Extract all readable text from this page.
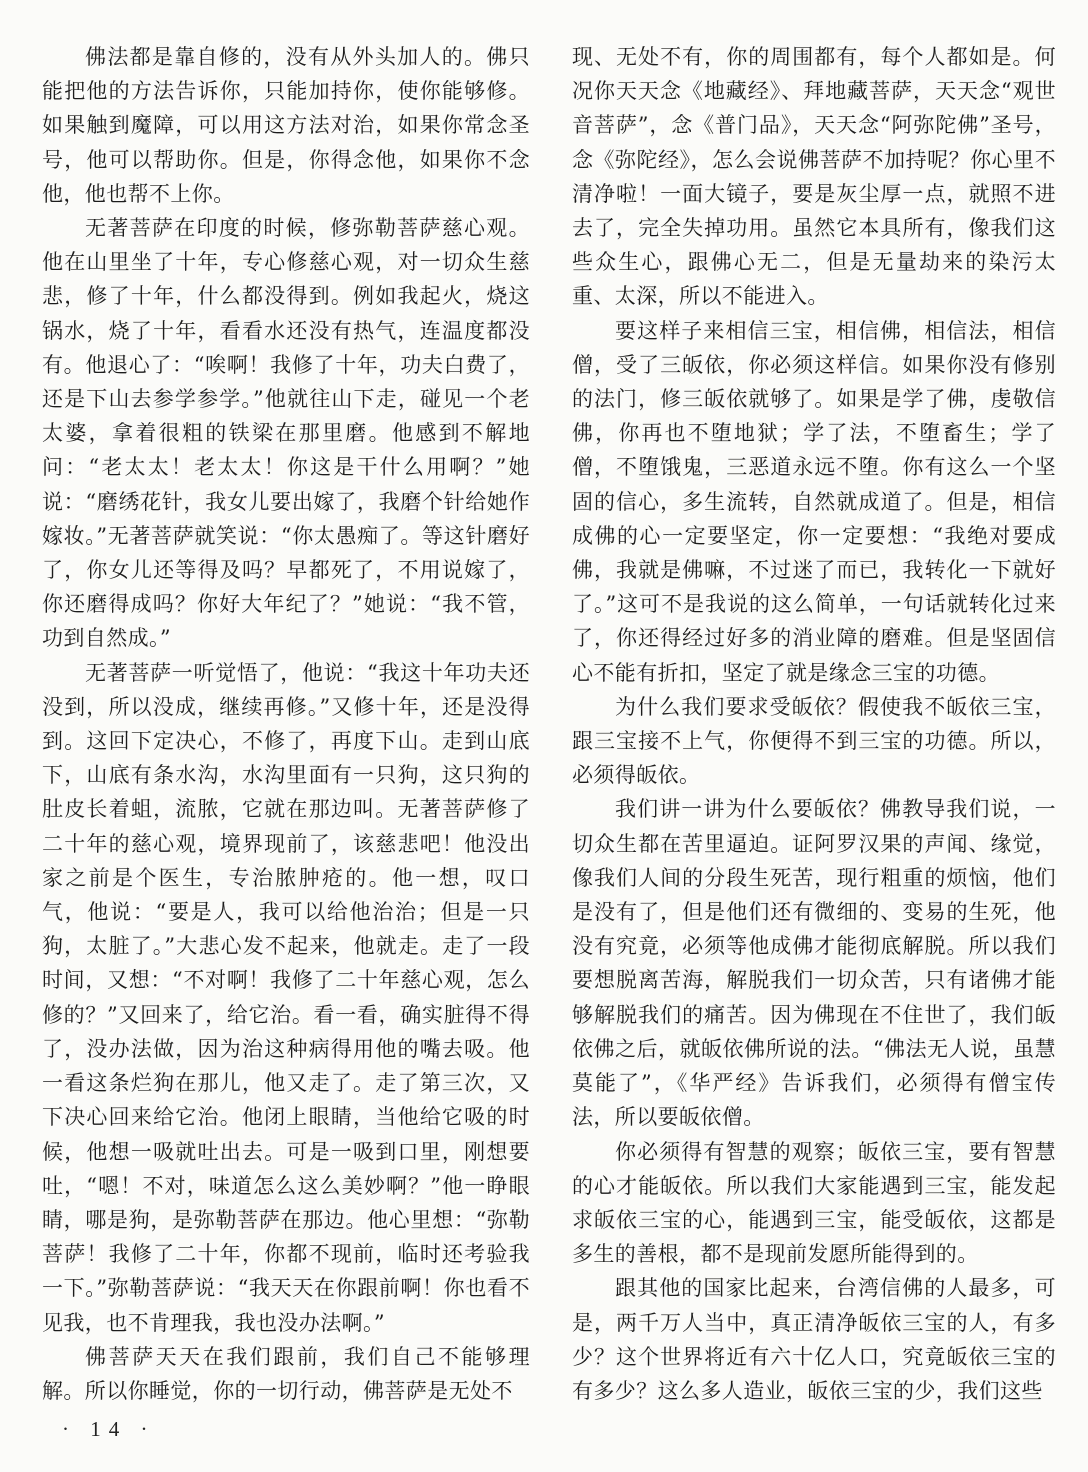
佛法都是靠自修的，没有从外头加人的。佛只能把他的方法告诉你，只能加持你，使你能够修。如果触到魔障，可以用这方法对治，如果你常念圣号，他可以帮助你。但是，你得念他，如果你不念他，他也帮不上你。

无著菩萨在印度的时候，修弥勒菩萨慈心观。他在山里坐了十年，专心修慈心观，对一切众生慈悲，修了十年，什么都没得到。例如我起火，烧这锅水，烧了十年，看看水还没有热气，连温度都没有。他退心了：“唉啊！我修了十年，功夫白费了，还是下山去参学参学。”他就往山下走，碰见一个老太婆，拿着很粗的铁梁在那里磨。他感到不解地问：“老太太！老太太！你这是干什么用啊？”她说：“磨绣花针，我女儿要出嫁了，我磨个针给她作嫁妆。”无著菩萨就笑说：“你太愚痴了。等这针磨好了，你女儿还等得及吗？早都死了，不用说嫁了，你还磨得成吗？你好大年纪了？”她说：“我不管，功到自然成。”

无著菩萨一听觉悟了，他说：“我这十年功夫还没到，所以没成，继续再修。”又修十年，还是没得到。这回下定决心，不修了，再度下山。走到山底下，山底有条水沟，水沟里面有一只狗，这只狗的肚皮长着蛆，流脓，它就在那边叫。无著菩萨修了二十年的慈心观，境界现前了，该慈悲吧！他没出家之前是个医生，专治脓肿疮的。他一想，叹口气，他说：“要是人，我可以给他治治；但是一只狗，太脏了。”大悲心发不起来，他就走。走了一段时间，又想：“不对啊！我修了二十年慈心观，怎么修的？”又回来了，给它治。看一看，确实脏得不得了，没办法做，因为治这种病得用他的嘴去吸。他一看这条烂狗在那儿，他又走了。走了第三次，又下决心回来给它治。他闭上眼睛，当他给它吸的时候，他想一吸就吐出去。可是一吸到口里，刚想要吐，“嗯！不对，味道怎么这么美妙啊？”他一睁眼睛，哪是狗，是弥勒菩萨在那边。他心里想：“弥勒菩萨！我修了二十年，你都不现前，临时还考验我一下。”弥勒菩萨说：“我天天在你跟前啊！你也看不见我，也不肯理我，我也没办法啊。”

佛菩萨天天在我们跟前，我们自己不能够理解。所以你睡觉，你的一切行动，佛菩萨是无处不

现、无处不有，你的周围都有，每个人都如是。何况你天天念《地藏经》、拜地藏菩萨，天天念“观世音菩萨”，念《普门品》，天天念“阿弥陀佛”圣号，念《弥陀经》，怎么会说佛菩萨不加持呢？你心里不清净啦！一面大镜子，要是灰尘厚一点，就照不进去了，完全失掉功用。虽然它本具所有，像我们这些众生心，跟佛心无二，但是无量劫来的染污太重、太深，所以不能进入。

要这样子来相信三宝，相信佛，相信法，相信僧，受了三皈依，你必须这样信。如果你没有修别的法门，修三皈依就够了。如果是学了佛，虔敬信佛，你再也不堕地狱；学了法，不堕畜生；学了僧，不堕饿鬼，三恶道永远不堕。你有这么一个坚固的信心，多生流转，自然就成道了。但是，相信成佛的心一定要坚定，你一定要想：“我绝对要成佛，我就是佛嘛，不过迷了而已，我转化一下就好了。”这可不是我说的这么简单，一句话就转化过来了，你还得经过好多的消业障的磨难。但是坚固信心不能有折扣，坚定了就是缘念三宝的功德。

为什么我们要求受皈依？假使我不皈依三宝，跟三宝接不上气，你便得不到三宝的功德。所以，必须得皈依。

我们讲一讲为什么要皈依？佛教导我们说，一切众生都在苦里逼迫。证阿罗汉果的声闻、缘觉，像我们人间的分段生死苦，现行粗重的烦恼，他们是没有了，但是他们还有微细的、变易的生死，他没有究竟，必须等他成佛才能彻底解脱。所以我们要想脱离苦海，解脱我们一切众苦，只有诸佛才能够解脱我们的痛苦。因为佛现在不住世了，我们皈依佛之后，就皈依佛所说的法。“佛法无人说，虽慧莫能了”，《华严经》告诉我们，必须得有僧宝传法，所以要皈依僧。

你必须得有智慧的观察；皈依三宝，要有智慧的心才能皈依。所以我们大家能遇到三宝，能发起求皈依三宝的心，能遇到三宝，能受皈依，这都是多生的善根，都不是现前发愿所能得到的。

跟其他的国家比起来，台湾信佛的人最多，可是，两千万人当中，真正清净皈依三宝的人，有多少？这个世界将近有六十亿人口，究竟皈依三宝的有多少？这么多人造业，皈依三宝的少，我们这些

· 14 ·
